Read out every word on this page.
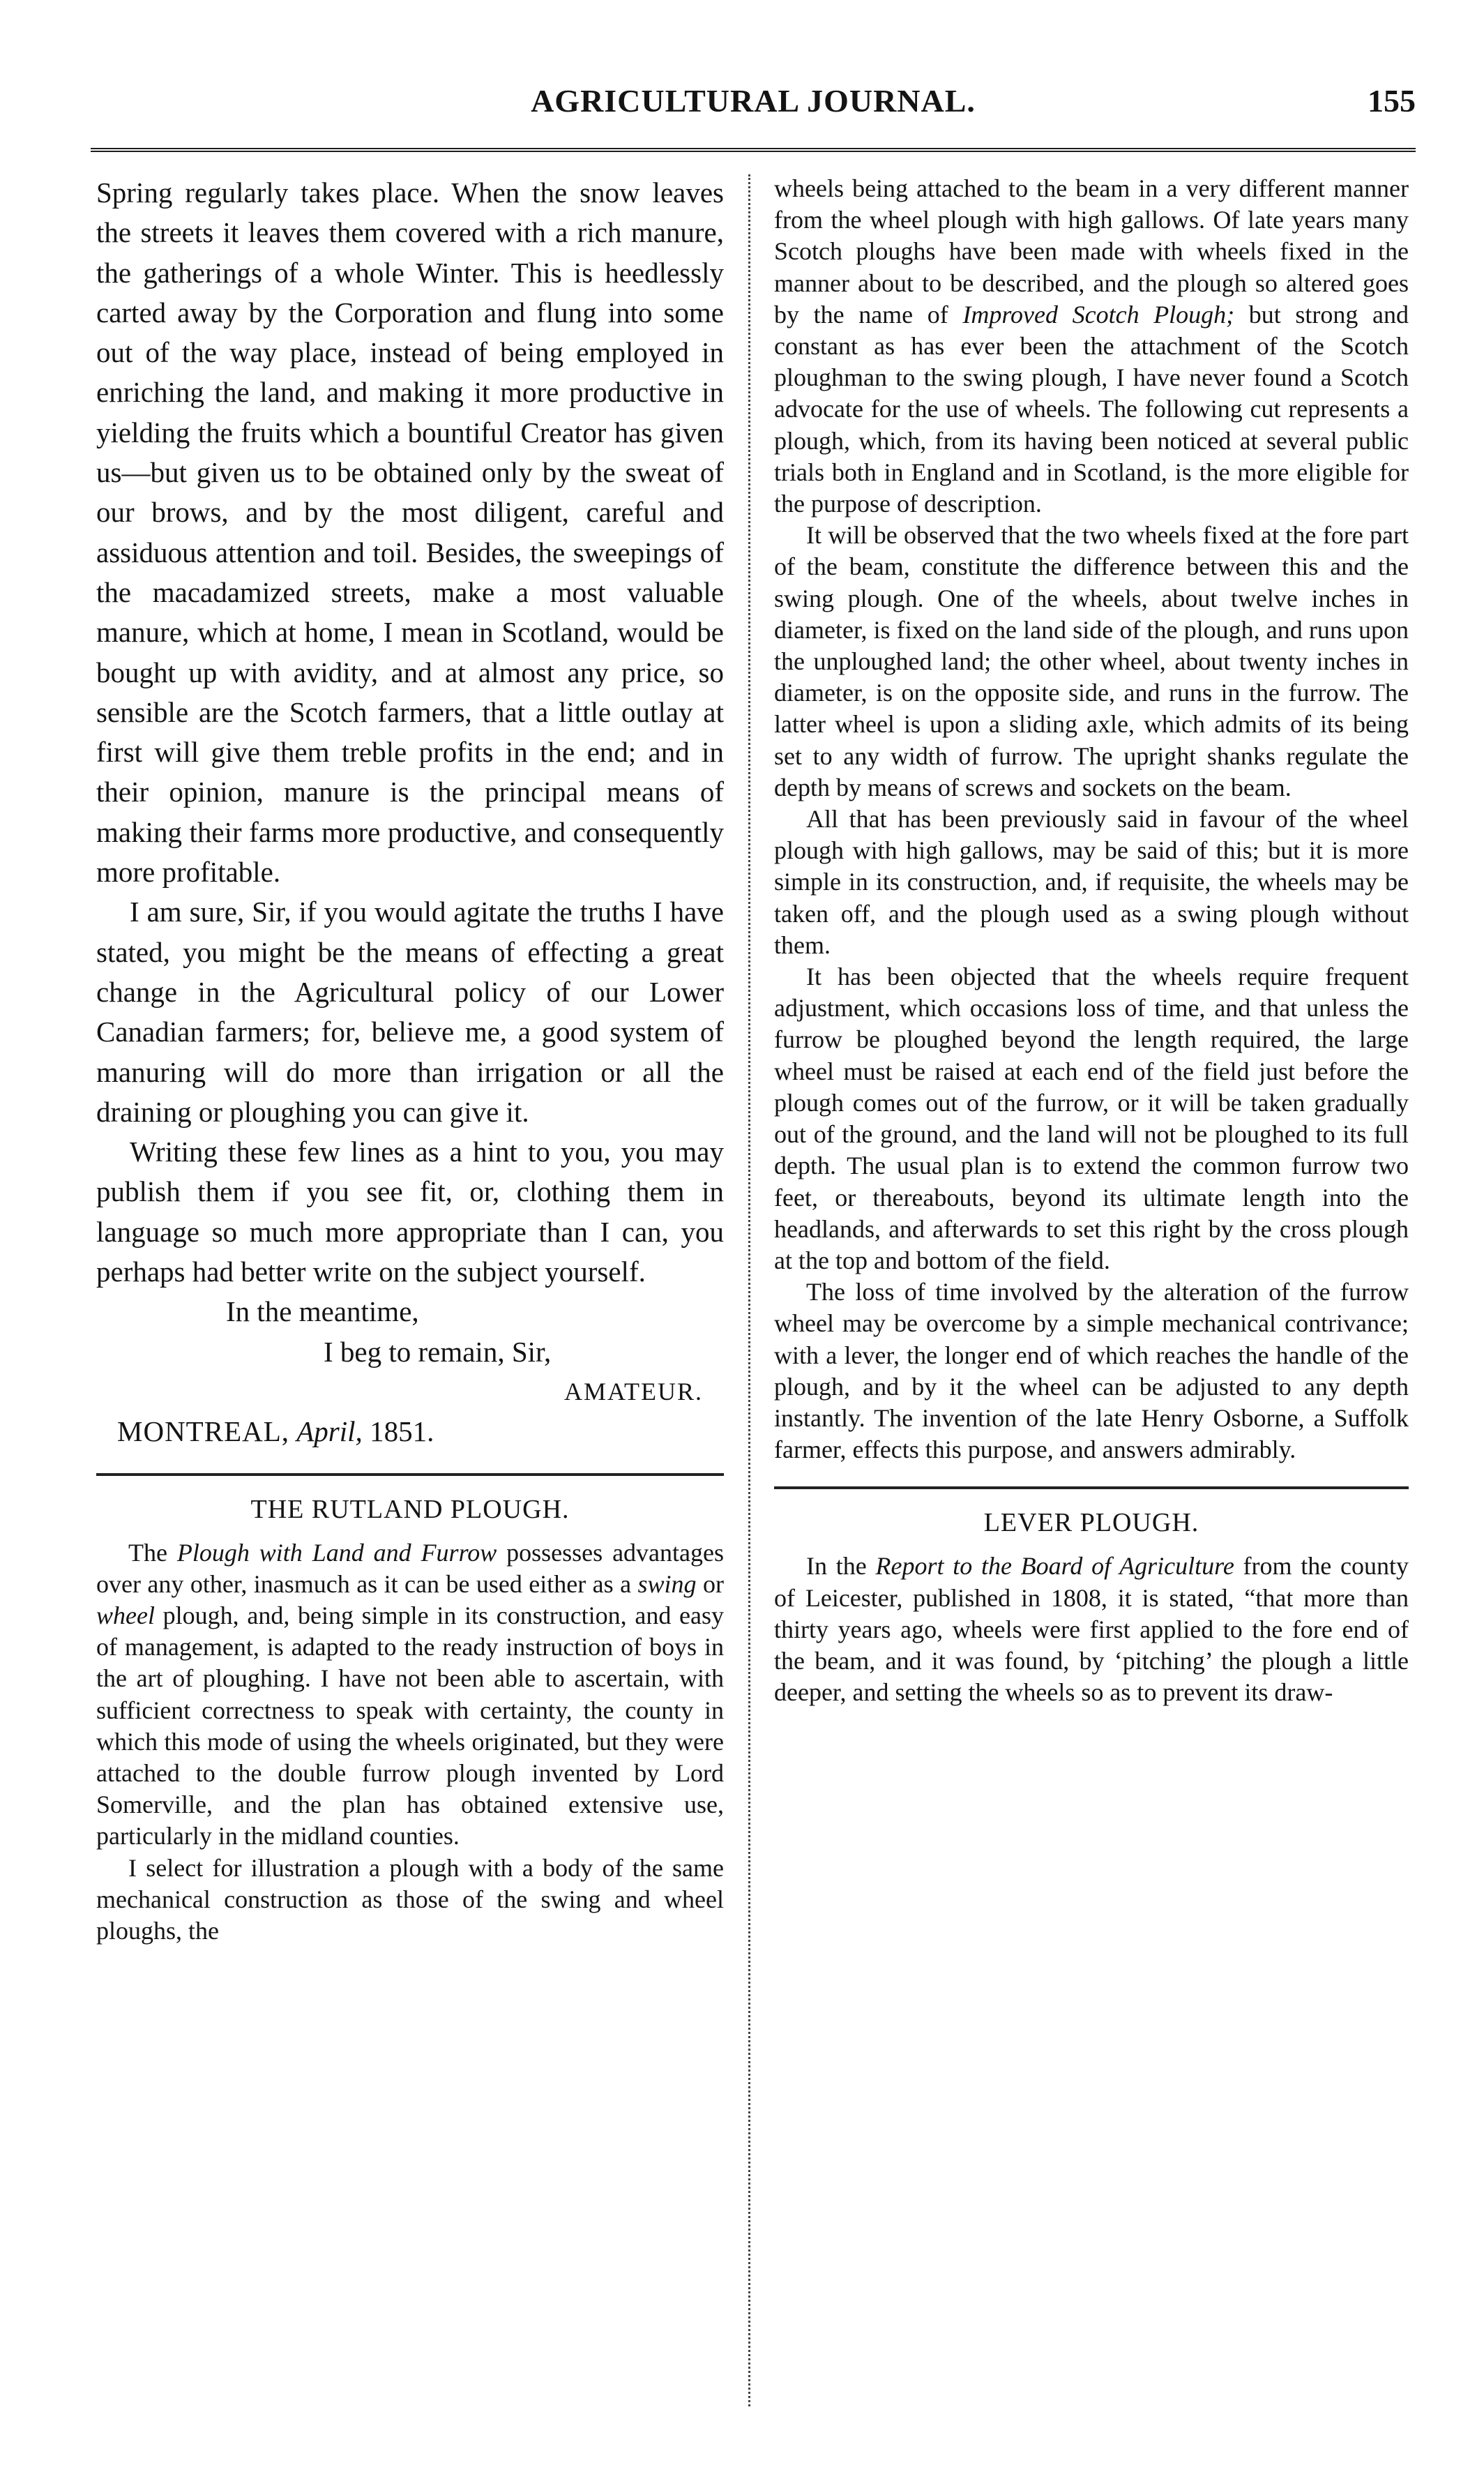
AGRICULTURAL JOURNAL.	155

Spring regularly takes place. When the snow leaves the streets it leaves them covered with a rich manure, the gatherings of a whole Winter. This is heedlessly carted away by the Corporation and flung into some out of the way place, instead of being employed in enriching the land, and making it more productive in yielding the fruits which a bountiful Creator has given us—but given us to be obtained only by the sweat of our brows, and by the most diligent, careful and assiduous attention and toil. Besides, the sweepings of the macadamized streets, make a most valuable manure, which at home, I mean in Scotland, would be bought up with avidity, and at almost any price, so sensible are the Scotch farmers, that a little outlay at first will give them treble profits in the end; and in their opinion, manure is the principal means of making their farms more productive, and consequently more profitable.

I am sure, Sir, if you would agitate the truths I have stated, you might be the means of effecting a great change in the Agricultural policy of our Lower Canadian farmers; for, believe me, a good system of manuring will do more than irrigation or all the draining or ploughing you can give it.

Writing these few lines as a hint to you, you may publish them if you see fit, or, clothing them in language so much more appropriate than I can, you perhaps had better write on the subject yourself.

In the meantime,
I beg to remain, Sir,
AMATEUR.
MONTREAL, April, 1851.
THE RUTLAND PLOUGH.

The Plough with Land and Furrow possesses advantages over any other, inasmuch as it can be used either as a swing or wheel plough, and, being simple in its construction, and easy of management, is adapted to the ready instruction of boys in the art of ploughing. I have not been able to ascertain, with sufficient correctness to speak with certainty, the county in which this mode of using the wheels originated, but they were attached to the double furrow plough invented by Lord Somerville, and the plan has obtained extensive use, particularly in the midland counties.

I select for illustration a plough with a body of the same mechanical construction as those of the swing and wheel ploughs, the

wheels being attached to the beam in a very different manner from the wheel plough with high gallows. Of late years many Scotch ploughs have been made with wheels fixed in the manner about to be described, and the plough so altered goes by the name of Improved Scotch Plough; but strong and constant as has ever been the attachment of the Scotch ploughman to the swing plough, I have never found a Scotch advocate for the use of wheels. The following cut represents a plough, which, from its having been noticed at several public trials both in England and in Scotland, is the more eligible for the purpose of description.

It will be observed that the two wheels fixed at the fore part of the beam, constitute the difference between this and the swing plough. One of the wheels, about twelve inches in diameter, is fixed on the land side of the plough, and runs upon the unploughed land; the other wheel, about twenty inches in diameter, is on the opposite side, and runs in the furrow. The latter wheel is upon a sliding axle, which admits of its being set to any width of furrow. The upright shanks regulate the depth by means of screws and sockets on the beam.

All that has been previously said in favour of the wheel plough with high gallows, may be said of this; but it is more simple in its construction, and, if requisite, the wheels may be taken off, and the plough used as a swing plough without them.

It has been objected that the wheels require frequent adjustment, which occasions loss of time, and that unless the furrow be ploughed beyond the length required, the large wheel must be raised at each end of the field just before the plough comes out of the furrow, or it will be taken gradually out of the ground, and the land will not be ploughed to its full depth. The usual plan is to extend the common furrow two feet, or thereabouts, beyond its ultimate length into the headlands, and afterwards to set this right by the cross plough at the top and bottom of the field.

The loss of time involved by the alteration of the furrow wheel may be overcome by a simple mechanical contrivance; with a lever, the longer end of which reaches the handle of the plough, and by it the wheel can be adjusted to any depth instantly. The invention of the late Henry Osborne, a Suffolk farmer, effects this purpose, and answers admirably.

LEVER PLOUGH.

In the Report to the Board of Agriculture from the county of Leicester, published in 1808, it is stated, “that more than thirty years ago, wheels were first applied to the fore end of the beam, and it was found, by ‘pitching’ the plough a little deeper, and setting the wheels so as to prevent its draw-
